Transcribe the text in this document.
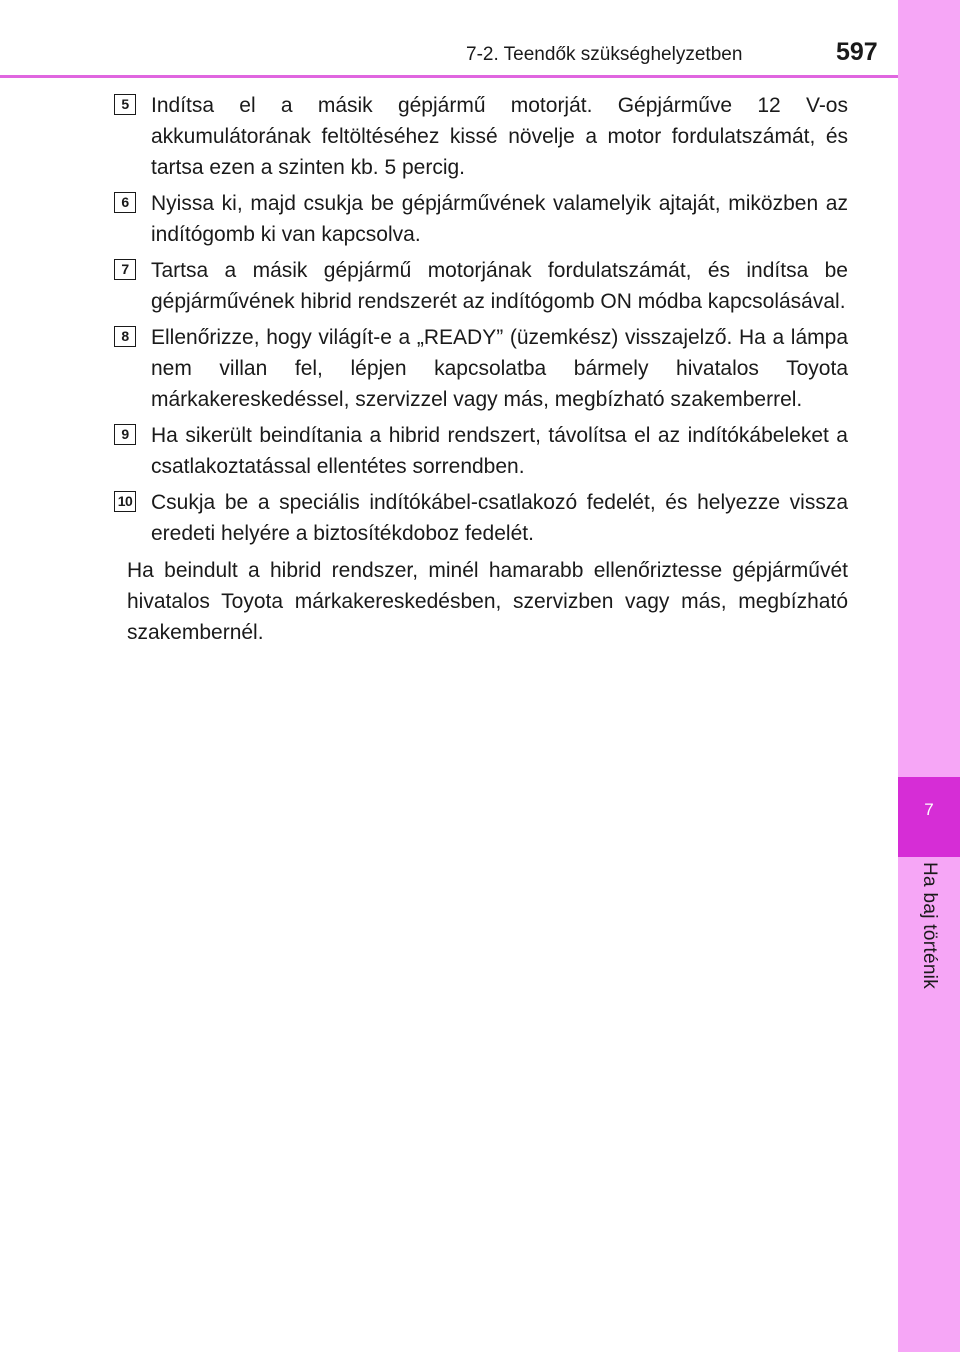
7
Ha baj történik
7-2. Teendők szükséghelyzetben	597
5	Indítsa el a másik gépjármű motorját. Gépjárműve 12 V-os akkumulátorának feltöltéséhez kissé növelje a motor fordulatszámát, és tartsa ezen a szinten kb. 5 percig.

6	Nyissa ki, majd csukja be gépjárművének valamelyik ajtaját, miközben az indítógomb ki van kapcsolva.

7	Tartsa a másik gépjármű motorjának fordulatszámát, és indítsa be gépjárművének hibrid rendszerét az indítógomb ON módba kapcsolásával.

8	Ellenőrizze, hogy világít-e a „READY” (üzemkész) visszajelző. Ha a lámpa nem villan fel, lépjen kapcsolatba bármely hivatalos Toyota márkakereskedéssel, szervizzel vagy más, megbízható szakemberrel.

9	Ha sikerült beindítania a hibrid rendszert, távolítsa el az indítókábeleket a csatlakoztatással ellentétes sorrendben.

10 Csukja be a speciális indítókábel-csatlakozó fedelét, és helyezze vissza eredeti helyére a biztosítékdoboz fedelét.

Ha beindult a hibrid rendszer, minél hamarabb ellenőriztesse gépjárművét hivatalos Toyota márkakereskedésben, szervizben vagy más, megbízható szakembernél.
